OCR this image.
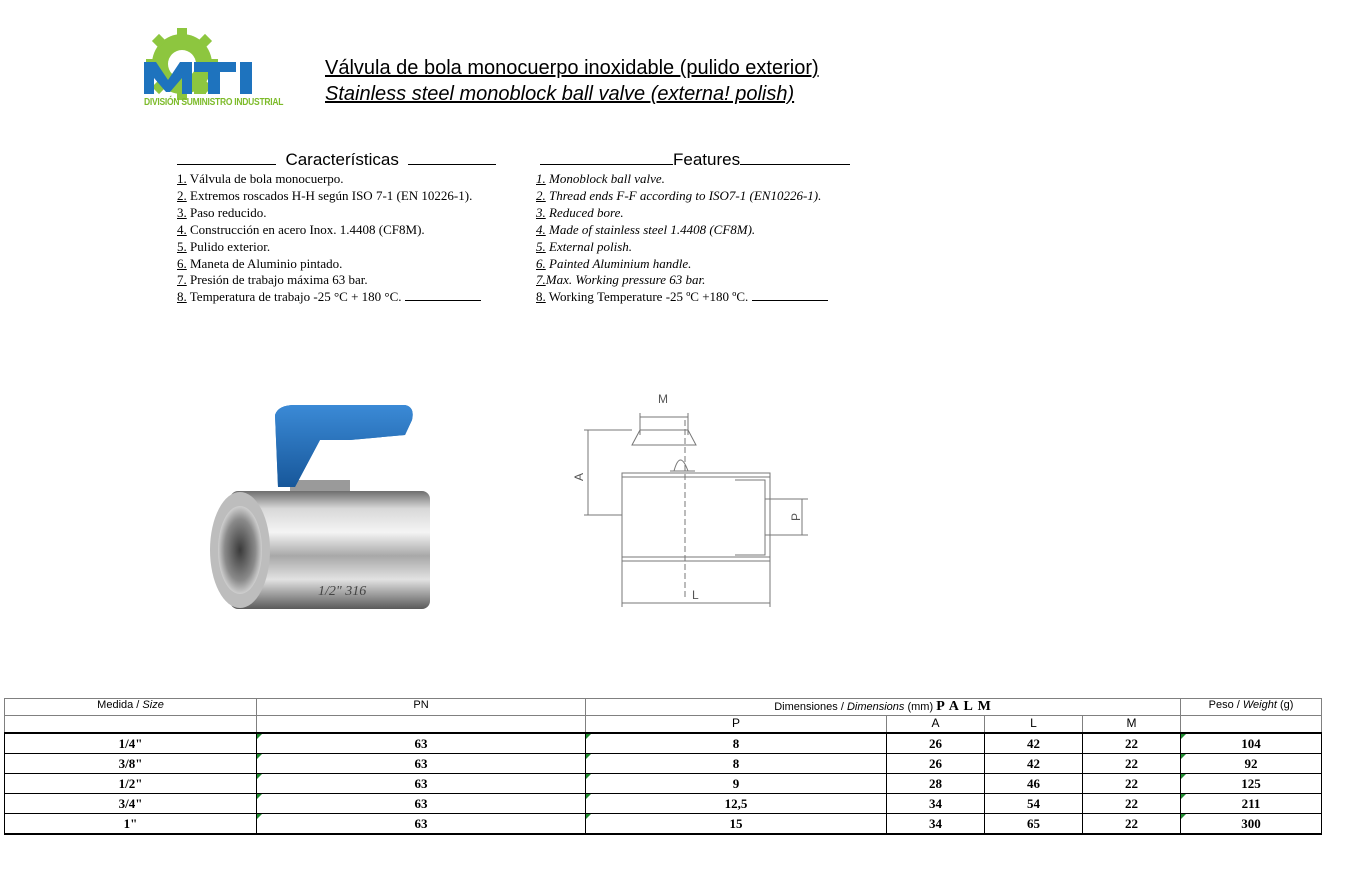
DIVISIÓN SUMINISTRO INDUSTRIAL
Válvula de bola monocuerpo inoxidable (pulido exterior)
Stainless steel monoblock ball valve (externa! polish)
Características	Features
1. Válvula de bola monocuerpo.
2. Extremos roscados H-H según ISO 7-1 (EN 10226-1).
3. Paso reducido.
4. Construcción en acero Inox. 1.4408 (CF8M).
5. Pulido exterior.
6. Maneta de Aluminio pintado.
7. Presión de trabajo máxima 63 bar.
8. Temperatura de trabajo -25 °C + 180 °C.
1. Monoblock ball valve.
2. Thread ends F-F according to ISO7-1 (EN10226-1).
3. Reduced bore.
4. Made of stainless steel 1.4408 (CF8M).
5. External polish.
6. Painted Aluminium handle.
7.Max. Working pressure 63 bar.
8. Working Temperature -25 ºC +180 ºC.
1/2" 316
M
A
P
L
Medida / Size	PN	Dimensiones / Dimensions (mm) P A L M				Peso / Weight (g)
		P	A	L	M	
1/4"	63	8	26	42	22	104
3/8"	63	8	26	42	22	92
1/2"	63	9	28	46	22	125
3/4"	63	12,5	34	54	22	211
1"	63	15	34	65	22	300
